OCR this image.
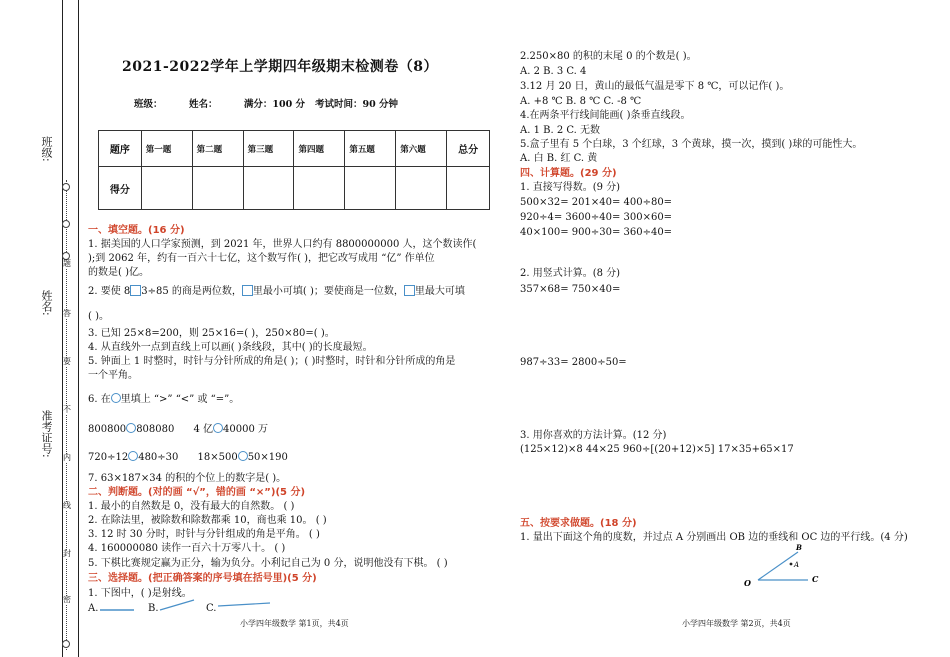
班级:
姓名:
准考证号:
题
答
要
不
内
线
封
密
2021-2022学年上学期四年级期末检测卷（8）
班级：        姓名：        满分：100 分   考试时间：90 分钟
题序	第一题	第二题	第三题	第四题	第五题	第六题	总分
得分							
一、填空题。(16 分)
1. 据美国的人口学家预测，到 2021 年，世界人口约有 8800000000 人，这个数读作(
);到 2062 年，约有一百六十七亿，这个数写作( )，把它改写成用 “亿” 作单位
的数是( )亿。
2. 要使 8 3÷85 的商是两位数， 里最小可填( )；要使商是一位数， 里最大可填
( )。
3. 已知 25×8=200，则 25×16=( )，250×80=( )。
4. 从直线外一点到直线上可以画( )条线段，其中( )的长度最短。
5. 钟面上 1 时整时，时针与分针所成的角是( )；( )时整时，时针和分针所成的角是
一个平角。
6. 在 里填上 “>” “<” 或 “=”。
800800 808080 4 亿 40000 万
720÷12 480÷30 18×500 50×190
7. 63×187×34 的积的个位上的数字是( )。
二、判断题。(对的画 “√”，错的画 “×”)(5 分)
1. 最小的自然数是 0，没有最大的自然数。 ( )
2. 在除法里，被除数和除数都乘 10，商也乘 10。 ( )
3. 12 时 30 分时，时针与分针组成的角是平角。 ( )
4. 160000080 读作一百六十万零八十。 ( )
5. 下棋比赛规定赢为正分，输为负分。小利记自己为 0 分，说明他没有下棋。 ( )
三、选择题。(把正确答案的序号填在括号里)(5 分)
1. 下图中，( )是射线。
A.	B.	C.
小学四年级数学 第1页，共4页
2.250×80 的积的末尾 0 的个数是( )。
A. 2 B. 3 C. 4
3.12 月 20 日，黄山的最低气温是零下 8 ℃，可以记作( )。
A. +8 ℃ B. 8 ℃ C. -8 ℃
4.在两条平行线间能画( )条垂直线段。
A. 1 B. 2 C. 无数
5.盒子里有 5 个白球，3 个红球，3 个黄球，摸一次，摸到( )球的可能性大。
A. 白 B. 红 C. 黄
四、计算题。(29 分)
1. 直接写得数。(9 分)
500×32= 201×40= 400÷80=
920÷4= 3600÷40= 300×60=
40×100= 900÷30= 360÷40=
2. 用竖式计算。(8 分)
357×68= 750×40=
987÷33= 2800÷50=
3. 用你喜欢的方法计算。(12 分)
(125×12)×8 44×25 960÷[(20+12)×5] 17×35+65×17
五、按要求做题。(18 分)
1. 量出下面这个角的度数，并过点 A 分别画出 OB 边的垂线和 OC 边的平行线。(4 分)
O
A
B
C
小学四年级数学 第2页，共4页
